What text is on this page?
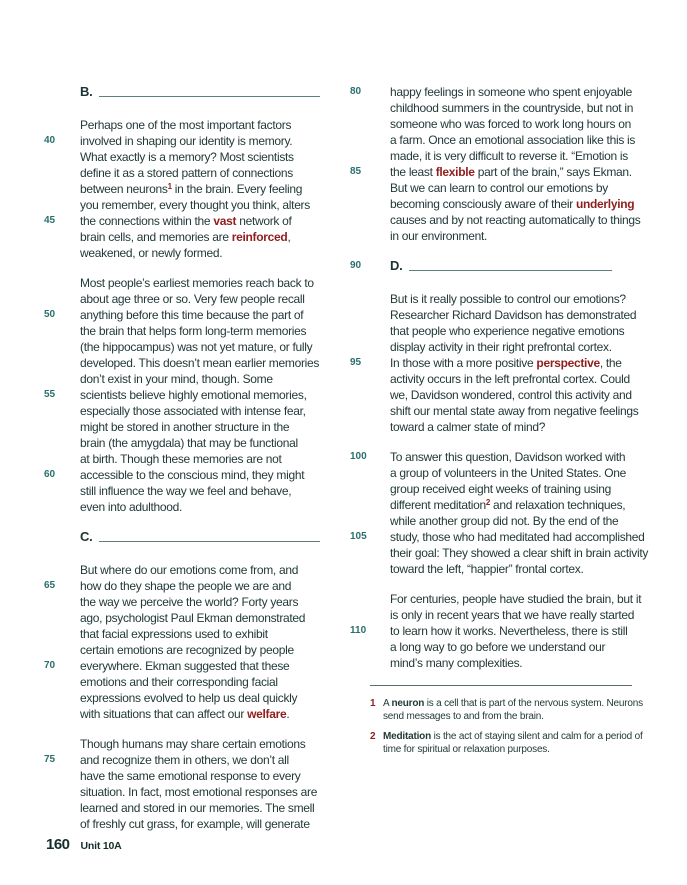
B.
Perhaps one of the most important factors
40	involved in shaping our identity is memory.
What exactly is a memory? Most scientists
define it as a stored pattern of connections
between neurons$^1$ in the brain. Every feeling
you remember, every thought you think, alters
45	the connections within the vast network of
brain cells, and memories are reinforced,
weakened, or newly formed.
Most people’s earliest memories reach back to
about age three or so. Very few people recall
50	anything before this time because the part of
the brain that helps form long-term memories
(the hippocampus) was not yet mature, or fully
developed. This doesn’t mean earlier memories
don’t exist in your mind, though. Some
55	scientists believe highly emotional memories,
especially those associated with intense fear,
might be stored in another structure in the
brain (the amygdala) that may be functional
at birth. Though these memories are not
60	accessible to the conscious mind, they might
still influence the way we feel and behave,
even into adulthood.
C.
But where do our emotions come from, and
65	how do they shape the people we are and
the way we perceive the world? Forty years
ago, psychologist Paul Ekman demonstrated
that facial expressions used to exhibit
certain emotions are recognized by people
70	everywhere. Ekman suggested that these
emotions and their corresponding facial
expressions evolved to help us deal quickly
with situations that can affect our welfare.
Though humans may share certain emotions
75	and recognize them in others, we don’t all
have the same emotional response to every
situation. In fact, most emotional responses are
learned and stored in our memories. The smell
of freshly cut grass, for example, will generate
80	happy feelings in someone who spent enjoyable
childhood summers in the countryside, but not in
someone who was forced to work long hours on
a farm. Once an emotional association like this is
made, it is very difficult to reverse it. “Emotion is
85	the least flexible part of the brain,” says Ekman.
But we can learn to control our emotions by
becoming consciously aware of their underlying
causes and by not reacting automatically to things
in our environment.
90	D.
But is it really possible to control our emotions?
Researcher Richard Davidson has demonstrated
that people who experience negative emotions
display activity in their right prefrontal cortex.
95	In those with a more positive perspective, the
activity occurs in the left prefrontal cortex. Could
we, Davidson wondered, control this activity and
shift our mental state away from negative feelings
toward a calmer state of mind?
100	To answer this question, Davidson worked with
a group of volunteers in the United States. One
group received eight weeks of training using
different meditation$^2$ and relaxation techniques,
while another group did not. By the end of the
105	study, those who had meditated had accomplished
their goal: They showed a clear shift in brain activity
toward the left, “happier” frontal cortex.
For centuries, people have studied the brain, but it
is only in recent years that we have really started
110	to learn how it works. Nevertheless, there is still
a long way to go before we understand our
mind’s many complexities.
1 A neuron is a cell that is part of the nervous system. Neurons send messages to and from the brain.
2 Meditation is the act of staying silent and calm for a period of time for spiritual or relaxation purposes.
160 Unit 10A
